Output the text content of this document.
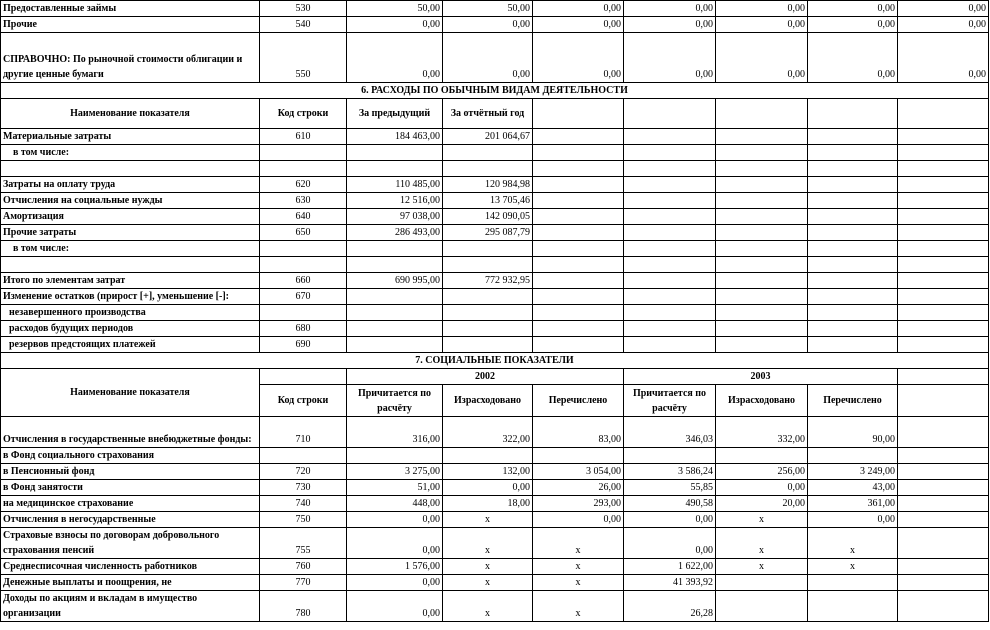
Предоставленные займы	530	50,00	50,00	0,00	0,00	0,00	0,00	0,00	
Прочие	540	0,00	0,00	0,00	0,00	0,00	0,00	0,00	
СПРАВОЧНО: По рыночной стоимости облигации и другие ценные бумаги	550	0,00	0,00	0,00	0,00	0,00	0,00	0,00	
6. РАСХОДЫ ПО ОБЫЧНЫМ ВИДАМ ДЕЯТЕЛЬНОСТИ									
Наименование показателя	Код строки	За предыдущий	За отчётный год						
Материальные затраты	610	184 463,00	201 064,67						
в том числе:									

Затраты на оплату труда	620	110 485,00	120 984,98						
Отчисления на социальные нужды	630	12 516,00	13 705,46						
Амортизация	640	97 038,00	142 090,05						
Прочие затраты	650	286 493,00	295 087,79						
в том числе:									

Итого по элементам затрат	660	690 995,00	772 932,95						
Изменение остатков (прирост [+], уменьшение [-]:	670								
незавершенного производства									
расходов будущих периодов	680								
резервов предстоящих платежей	690								
7. СОЦИАЛЬНЫЕ ПОКАЗАТЕЛИ									
Наименование показателя		2002			2003				
	Код строки	Причитается по расчёту	Израсходовано	Перечислено	Причитается по расчёту	Израсходовано	Перечислено		
Отчисления в государственные внебюджетные фонды:	710	316,00	322,00	83,00	346,03	332,00	90,00		
в Фонд социального страхования									
в Пенсионный фонд	720	3 275,00	132,00	3 054,00	3 586,24	256,00	3 249,00		
в Фонд занятости	730	51,00	0,00	26,00	55,85	0,00	43,00		
на медицинское страхование	740	448,00	18,00	293,00	490,58	20,00	361,00		
Отчисления в негосударственные	750	0,00	x	0,00	0,00	x	0,00		
Страховые взносы по договорам добровольного страхования пенсий	755	0,00	x	x	0,00	x	x		
Среднесписочная численность работников	760	1 576,00	x	x	1 622,00	x	x		
Денежные выплаты и поощрения, не	770	0,00	x	x	41 393,92				
Доходы по акциям и вкладам в имущество организации	780	0,00	x	x	26,28				
